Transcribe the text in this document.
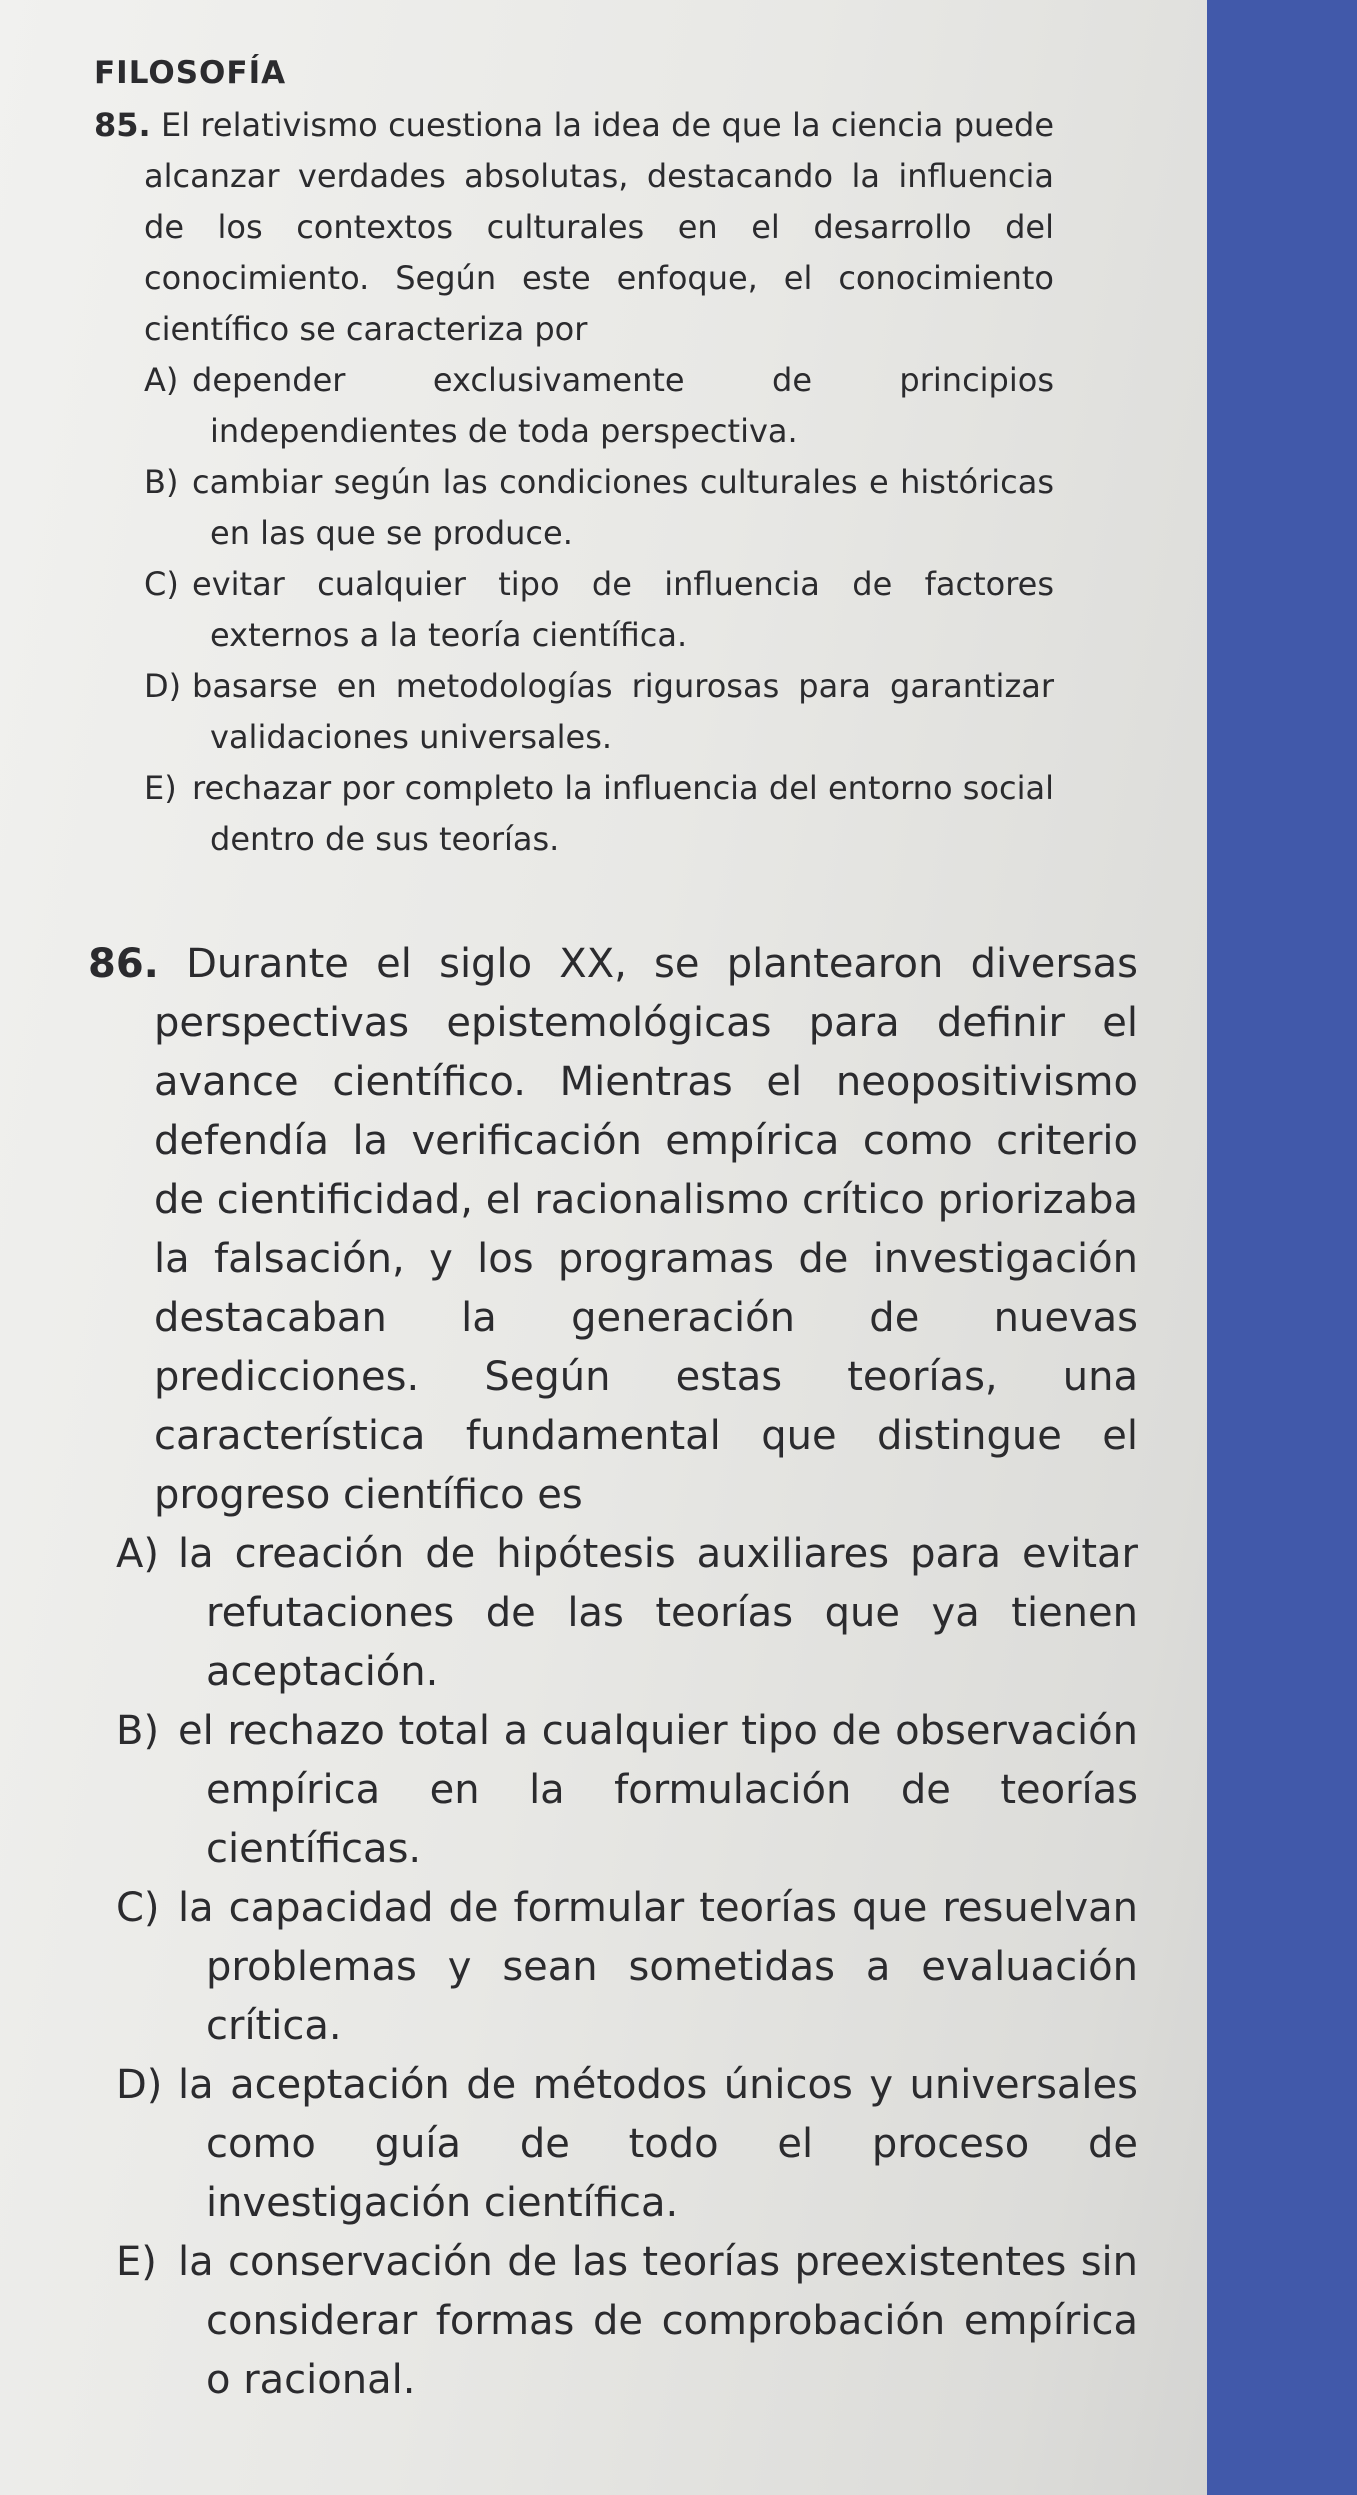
FILOSOFÍA

85. El relativismo cuestiona la idea de que la ciencia puede alcanzar verdades absolutas, destacando la influencia de los contextos culturales en el desarrollo del conocimiento. Según este enfoque, el conocimiento científico se caracteriza por

A) depender exclusivamente de principios independientes de toda perspectiva.
B) cambiar según las condiciones culturales e históricas en las que se produce.
C) evitar cualquier tipo de influencia de factores externos a la teoría científica.
D) basarse en metodologías rigurosas para garantizar validaciones universales.
E) rechazar por completo la influencia del entorno social dentro de sus teorías.

86. Durante el siglo XX, se plantearon diversas perspectivas epistemológicas para definir el avance científico. Mientras el neopositivismo defendía la verificación empírica como criterio de cientificidad, el racionalismo crítico priorizaba la falsación, y los programas de investigación destacaban la generación de nuevas predicciones. Según estas teorías, una característica fundamental que distingue el progreso científico es

A) la creación de hipótesis auxiliares para evitar refutaciones de las teorías que ya tienen aceptación.
B) el rechazo total a cualquier tipo de observación empírica en la formulación de teorías científicas.
C) la capacidad de formular teorías que resuelvan problemas y sean sometidas a evaluación crítica.
D) la aceptación de métodos únicos y universales como guía de todo el proceso de investigación científica.
E) la conservación de las teorías preexistentes sin considerar formas de comprobación empírica o racional.
